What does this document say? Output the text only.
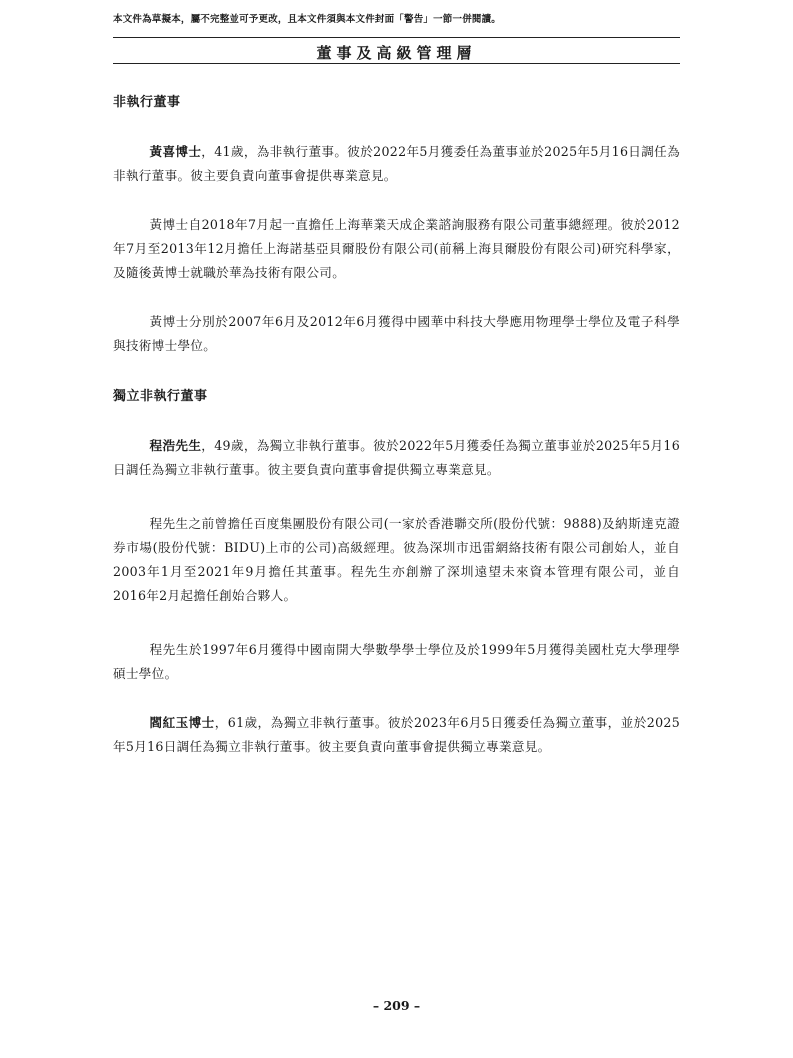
本文件為草擬本，屬不完整並可予更改，且本文件須與本文件封面「警告」一節一併閱讀。
董事及高級管理層
非執行董事

黃喜博士，41歲，為非執行董事。彼於2022年5月獲委任為董事並於2025年5月16日調任為非執行董事。彼主要負責向董事會提供專業意見。

黃博士自2018年7月起一直擔任上海華業天成企業諮詢服務有限公司董事總經理。彼於2012年7月至2013年12月擔任上海諾基亞貝爾股份有限公司(前稱上海貝爾股份有限公司)研究科學家，及隨後黃博士就職於華為技術有限公司。

黃博士分別於2007年6月及2012年6月獲得中國華中科技大學應用物理學士學位及電子科學與技術博士學位。

獨立非執行董事

程浩先生，49歲，為獨立非執行董事。彼於2022年5月獲委任為獨立董事並於2025年5月16日調任為獨立非執行董事。彼主要負責向董事會提供獨立專業意見。

程先生之前曾擔任百度集團股份有限公司(一家於香港聯交所(股份代號：9888)及納斯達克證券市場(股份代號：BIDU)上市的公司)高級經理。彼為深圳市迅雷網絡技術有限公司創始人，並自2003年1月至2021年9月擔任其董事。程先生亦創辦了深圳遠望未來資本管理有限公司，並自2016年2月起擔任創始合夥人。

程先生於1997年6月獲得中國南開大學數學學士學位及於1999年5月獲得美國杜克大學理學碩士學位。

閻紅玉博士，61歲，為獨立非執行董事。彼於2023年6月5日獲委任為獨立董事，並於2025年5月16日調任為獨立非執行董事。彼主要負責向董事會提供獨立專業意見。

– 209 –
